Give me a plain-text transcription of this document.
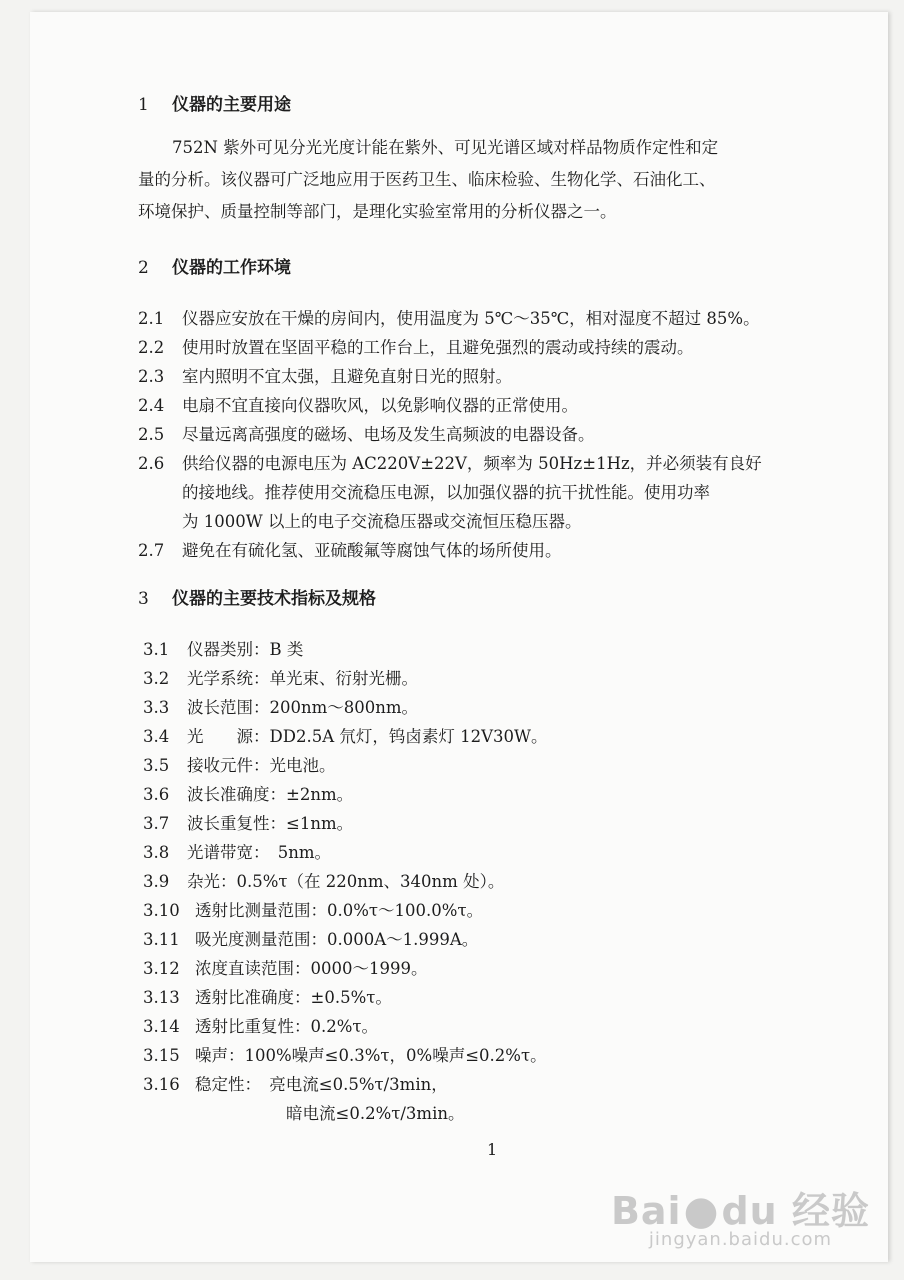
1 仪器的主要用途
752N 紫外可见分光光度计能在紫外、可见光谱区域对样品物质作定性和定
量的分析。该仪器可广泛地应用于医药卫生、临床检验、生物化学、石油化工、
环境保护、质量控制等部门，是理化实验室常用的分析仪器之一。
2 仪器的工作环境
2.1 仪器应安放在干燥的房间内，使用温度为 5℃～35℃，相对湿度不超过 85%。
2.2 使用时放置在坚固平稳的工作台上，且避免强烈的震动或持续的震动。
2.3 室内照明不宜太强，且避免直射日光的照射。
2.4 电扇不宜直接向仪器吹风，以免影响仪器的正常使用。
2.5 尽量远离高强度的磁场、电场及发生高频波的电器设备。
2.6 供给仪器的电源电压为 AC220V±22V，频率为 50Hz±1Hz，并必须装有良好
的接地线。推荐使用交流稳压电源，以加强仪器的抗干扰性能。使用功率
为 1000W 以上的电子交流稳压器或交流恒压稳压器。
2.7 避免在有硫化氢、亚硫酸氟等腐蚀气体的场所使用。
3 仪器的主要技术指标及规格
3.1 仪器类别：B 类
3.2 光学系统：单光束、衍射光栅。
3.3 波长范围：200nm～800nm。
3.4 光　　源：DD2.5A 氘灯，钨卤素灯 12V30W。
3.5 接收元件：光电池。
3.6 波长准确度：±2nm。
3.7 波长重复性：≤1nm。
3.8 光谱带宽：　5nm。
3.9 杂光：0.5%τ（在 220nm、340nm 处）。
3.10 透射比测量范围：0.0%τ～100.0%τ。
3.11 吸光度测量范围：0.000A～1.999A。
3.12 浓度直读范围：0000～1999。
3.13 透射比准确度：±0.5%τ。
3.14 透射比重复性：0.2%τ。
3.15 噪声：100%噪声≤0.3%τ，0%噪声≤0.2%τ。
3.16 稳定性：　亮电流≤0.5%τ/3min，
暗电流≤0.2%τ/3min。
1
Bai●du 经验
jingyan.baidu.com
